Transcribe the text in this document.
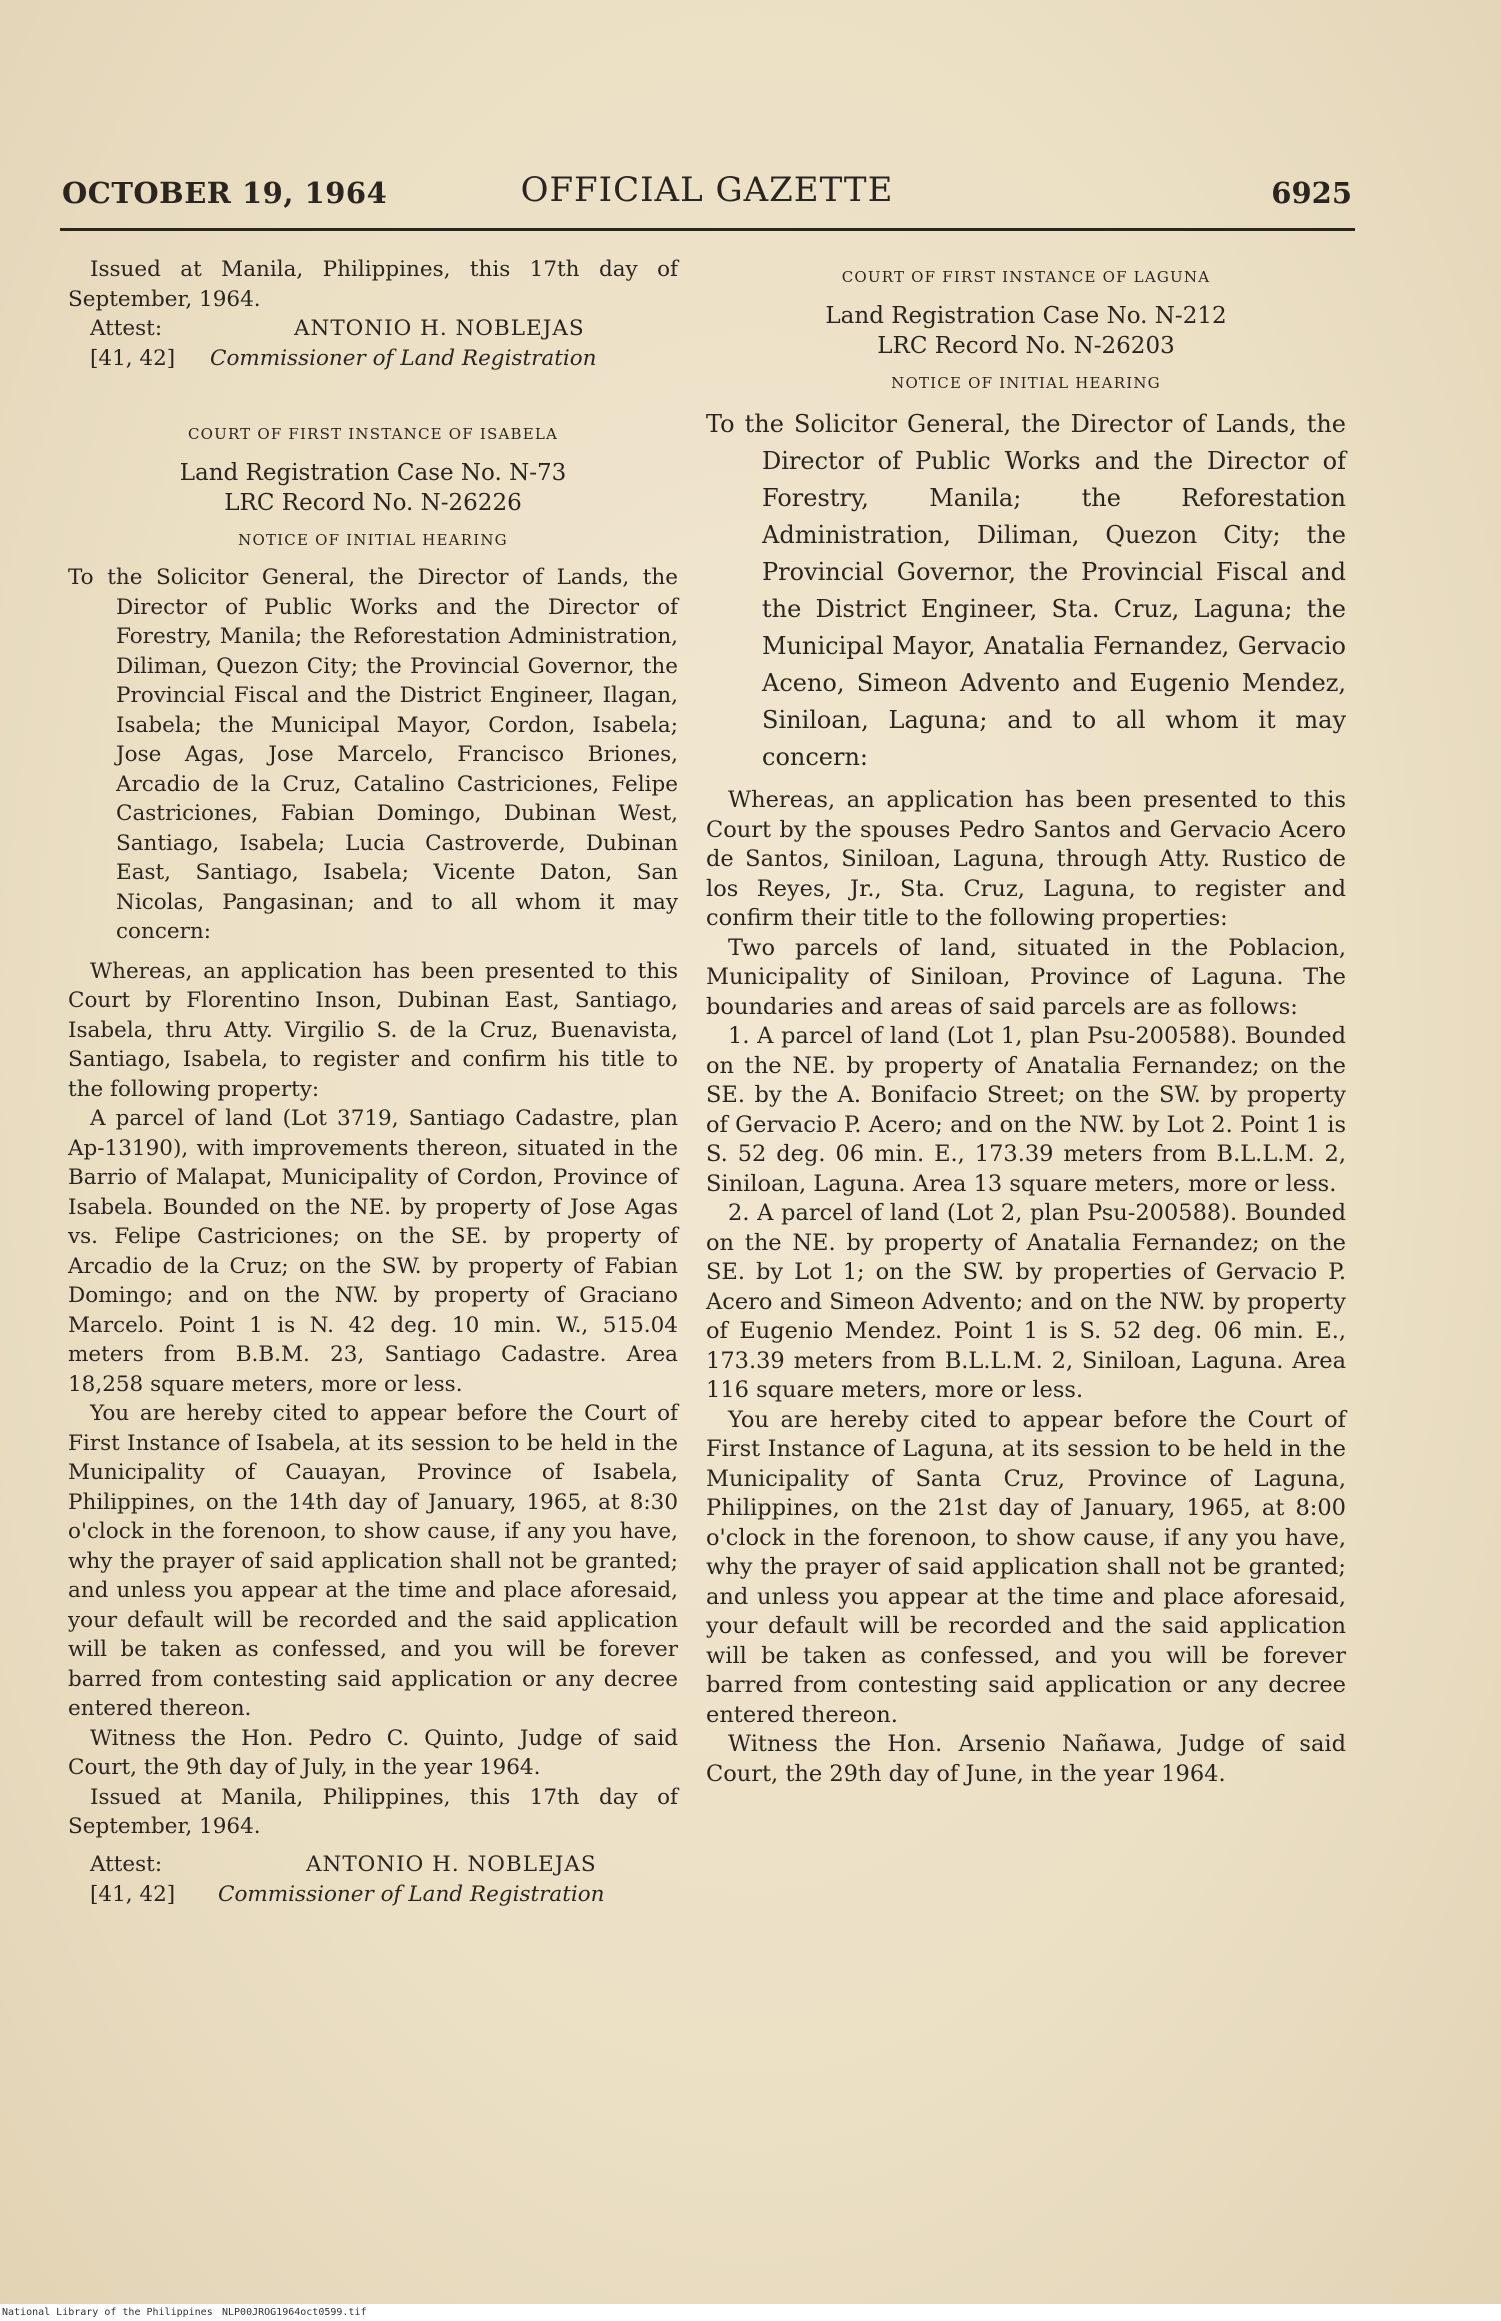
OCTOBER 19, 1964	OFFICIAL GAZETTE	6925

Issued at Manila, Philippines, this 17th day of September, 1964.

Attest:	ANTONIO H. NOBLEJAS
[41, 42] Commissioner of Land Registration
COURT OF FIRST INSTANCE OF ISABELA
Land Registration Case No. N-73
LRC Record No. N-26226
NOTICE OF INITIAL HEARING

To the Solicitor General, the Director of Lands, the Director of Public Works and the Director of Forestry, Manila; the Reforestation Administration, Diliman, Quezon City; the Provincial Governor, the Provincial Fiscal and the District Engineer, Ilagan, Isabela; the Municipal Mayor, Cordon, Isabela; Jose Agas, Jose Marcelo, Francisco Briones, Arcadio de la Cruz, Catalino Castriciones, Felipe Castriciones, Fabian Domingo, Dubinan West, Santiago, Isabela; Lucia Castroverde, Dubinan East, Santiago, Isabela; Vicente Daton, San Nicolas, Pangasinan; and to all whom it may concern:

Whereas, an application has been presented to this Court by Florentino Inson, Dubinan East, Santiago, Isabela, thru Atty. Virgilio S. de la Cruz, Buenavista, Santiago, Isabela, to register and confirm his title to the following property:

A parcel of land (Lot 3719, Santiago Cadastre, plan Ap-13190), with improvements thereon, situated in the Barrio of Malapat, Municipality of Cordon, Province of Isabela. Bounded on the NE. by property of Jose Agas vs. Felipe Castriciones; on the SE. by property of Arcadio de la Cruz; on the SW. by property of Fabian Domingo; and on the NW. by property of Graciano Marcelo. Point 1 is N. 42 deg. 10 min. W., 515.04 meters from B.B.M. 23, Santiago Cadastre. Area 18,258 square meters, more or less.

You are hereby cited to appear before the Court of First Instance of Isabela, at its session to be held in the Municipality of Cauayan, Province of Isabela, Philippines, on the 14th day of January, 1965, at 8:30 o'clock in the forenoon, to show cause, if any you have, why the prayer of said application shall not be granted; and unless you appear at the time and place aforesaid, your default will be recorded and the said application will be taken as confessed, and you will be forever barred from contesting said application or any decree entered thereon.

Witness the Hon. Pedro C. Quinto, Judge of said Court, the 9th day of July, in the year 1964.

Issued at Manila, Philippines, this 17th day of September, 1964.

Attest:	ANTONIO H. NOBLEJAS
[41, 42] Commissioner of Land Registration
COURT OF FIRST INSTANCE OF LAGUNA
Land Registration Case No. N-212
LRC Record No. N-26203
NOTICE OF INITIAL HEARING

To the Solicitor General, the Director of Lands, the Director of Public Works and the Director of Forestry, Manila; the Reforestation Administration, Diliman, Quezon City; the Provincial Governor, the Provincial Fiscal and the District Engineer, Sta. Cruz, Laguna; the Municipal Mayor, Anatalia Fernandez, Gervacio Aceno, Simeon Advento and Eugenio Mendez, Siniloan, Laguna; and to all whom it may concern:

Whereas, an application has been presented to this Court by the spouses Pedro Santos and Gervacio Acero de Santos, Siniloan, Laguna, through Atty. Rustico de los Reyes, Jr., Sta. Cruz, Laguna, to register and confirm their title to the following properties:

Two parcels of land, situated in the Poblacion, Municipality of Siniloan, Province of Laguna. The boundaries and areas of said parcels are as follows:

1. A parcel of land (Lot 1, plan Psu-200588). Bounded on the NE. by property of Anatalia Fernandez; on the SE. by the A. Bonifacio Street; on the SW. by property of Gervacio P. Acero; and on the NW. by Lot 2. Point 1 is S. 52 deg. 06 min. E., 173.39 meters from B.L.L.M. 2, Siniloan, Laguna. Area 13 square meters, more or less.

2. A parcel of land (Lot 2, plan Psu-200588). Bounded on the NE. by property of Anatalia Fernandez; on the SE. by Lot 1; on the SW. by properties of Gervacio P. Acero and Simeon Advento; and on the NW. by property of Eugenio Mendez. Point 1 is S. 52 deg. 06 min. E., 173.39 meters from B.L.L.M. 2, Siniloan, Laguna. Area 116 square meters, more or less.

You are hereby cited to appear before the Court of First Instance of Laguna, at its session to be held in the Municipality of Santa Cruz, Province of Laguna, Philippines, on the 21st day of January, 1965, at 8:00 o'clock in the forenoon, to show cause, if any you have, why the prayer of said application shall not be granted; and unless you appear at the time and place aforesaid, your default will be recorded and the said application will be taken as confessed, and you will be forever barred from contesting said application or any decree entered thereon.

Witness the Hon. Arsenio Nañawa, Judge of said Court, the 29th day of June, in the year 1964.

National Library of the Philippines NLP00JROG1964oct0599.tif
